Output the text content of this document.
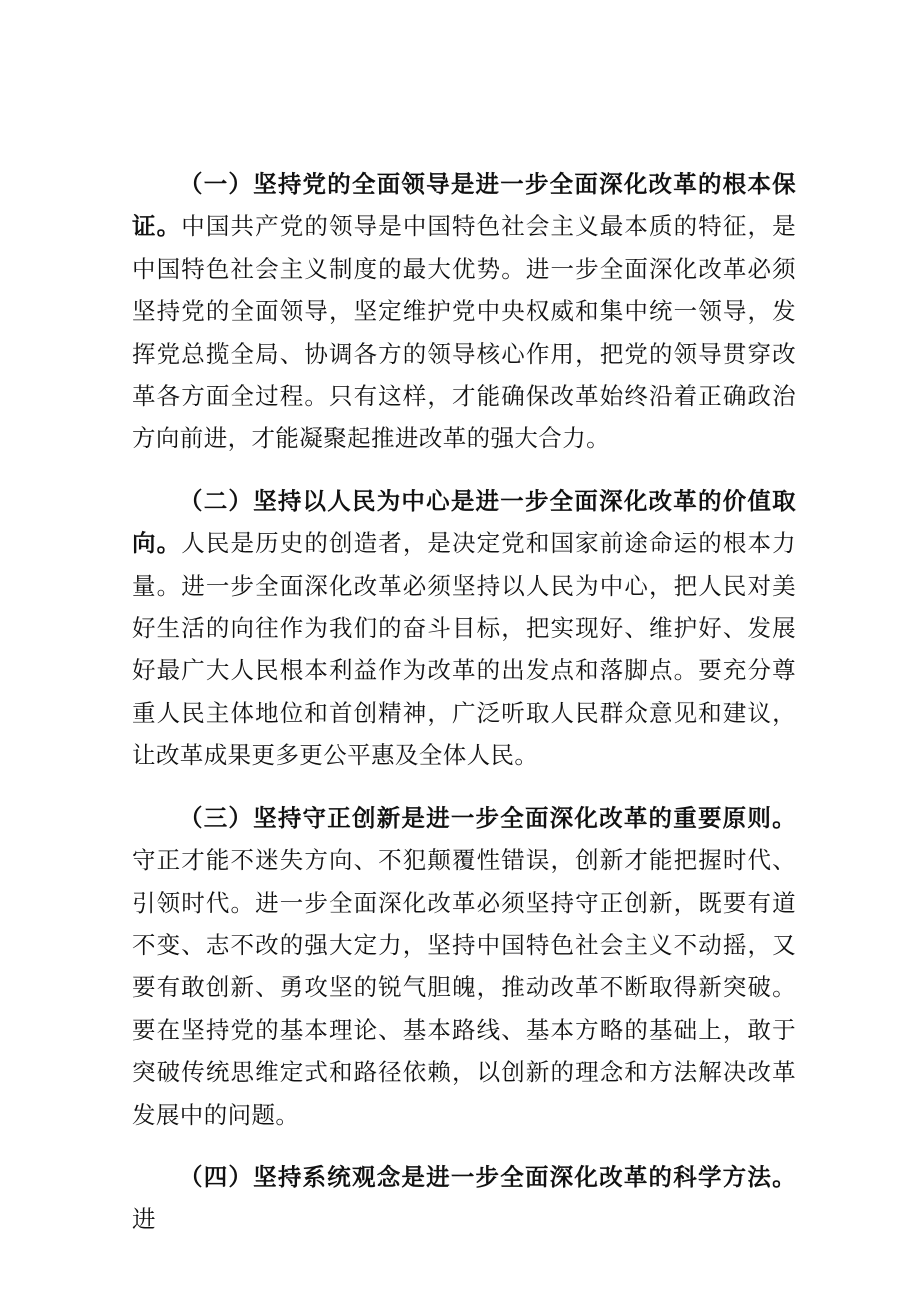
（一）坚持党的全面领导是进一步全面深化改革的根本保证。中国共产党的领导是中国特色社会主义最本质的特征，是中国特色社会主义制度的最大优势。进一步全面深化改革必须坚持党的全面领导，坚定维护党中央权威和集中统一领导，发挥党总揽全局、协调各方的领导核心作用，把党的领导贯穿改革各方面全过程。只有这样，才能确保改革始终沿着正确政治方向前进，才能凝聚起推进改革的强大合力。

（二）坚持以人民为中心是进一步全面深化改革的价值取向。人民是历史的创造者，是决定党和国家前途命运的根本力量。进一步全面深化改革必须坚持以人民为中心，把人民对美好生活的向往作为我们的奋斗目标，把实现好、维护好、发展好最广大人民根本利益作为改革的出发点和落脚点。要充分尊重人民主体地位和首创精神，广泛听取人民群众意见和建议，让改革成果更多更公平惠及全体人民。

（三）坚持守正创新是进一步全面深化改革的重要原则。守正才能不迷失方向、不犯颠覆性错误，创新才能把握时代、引领时代。进一步全面深化改革必须坚持守正创新，既要有道不变、志不改的强大定力，坚持中国特色社会主义不动摇，又要有敢创新、勇攻坚的锐气胆魄，推动改革不断取得新突破。要在坚持党的基本理论、基本路线、基本方略的基础上，敢于突破传统思维定式和路径依赖，以创新的理念和方法解决改革发展中的问题。

（四）坚持系统观念是进一步全面深化改革的科学方法。进
